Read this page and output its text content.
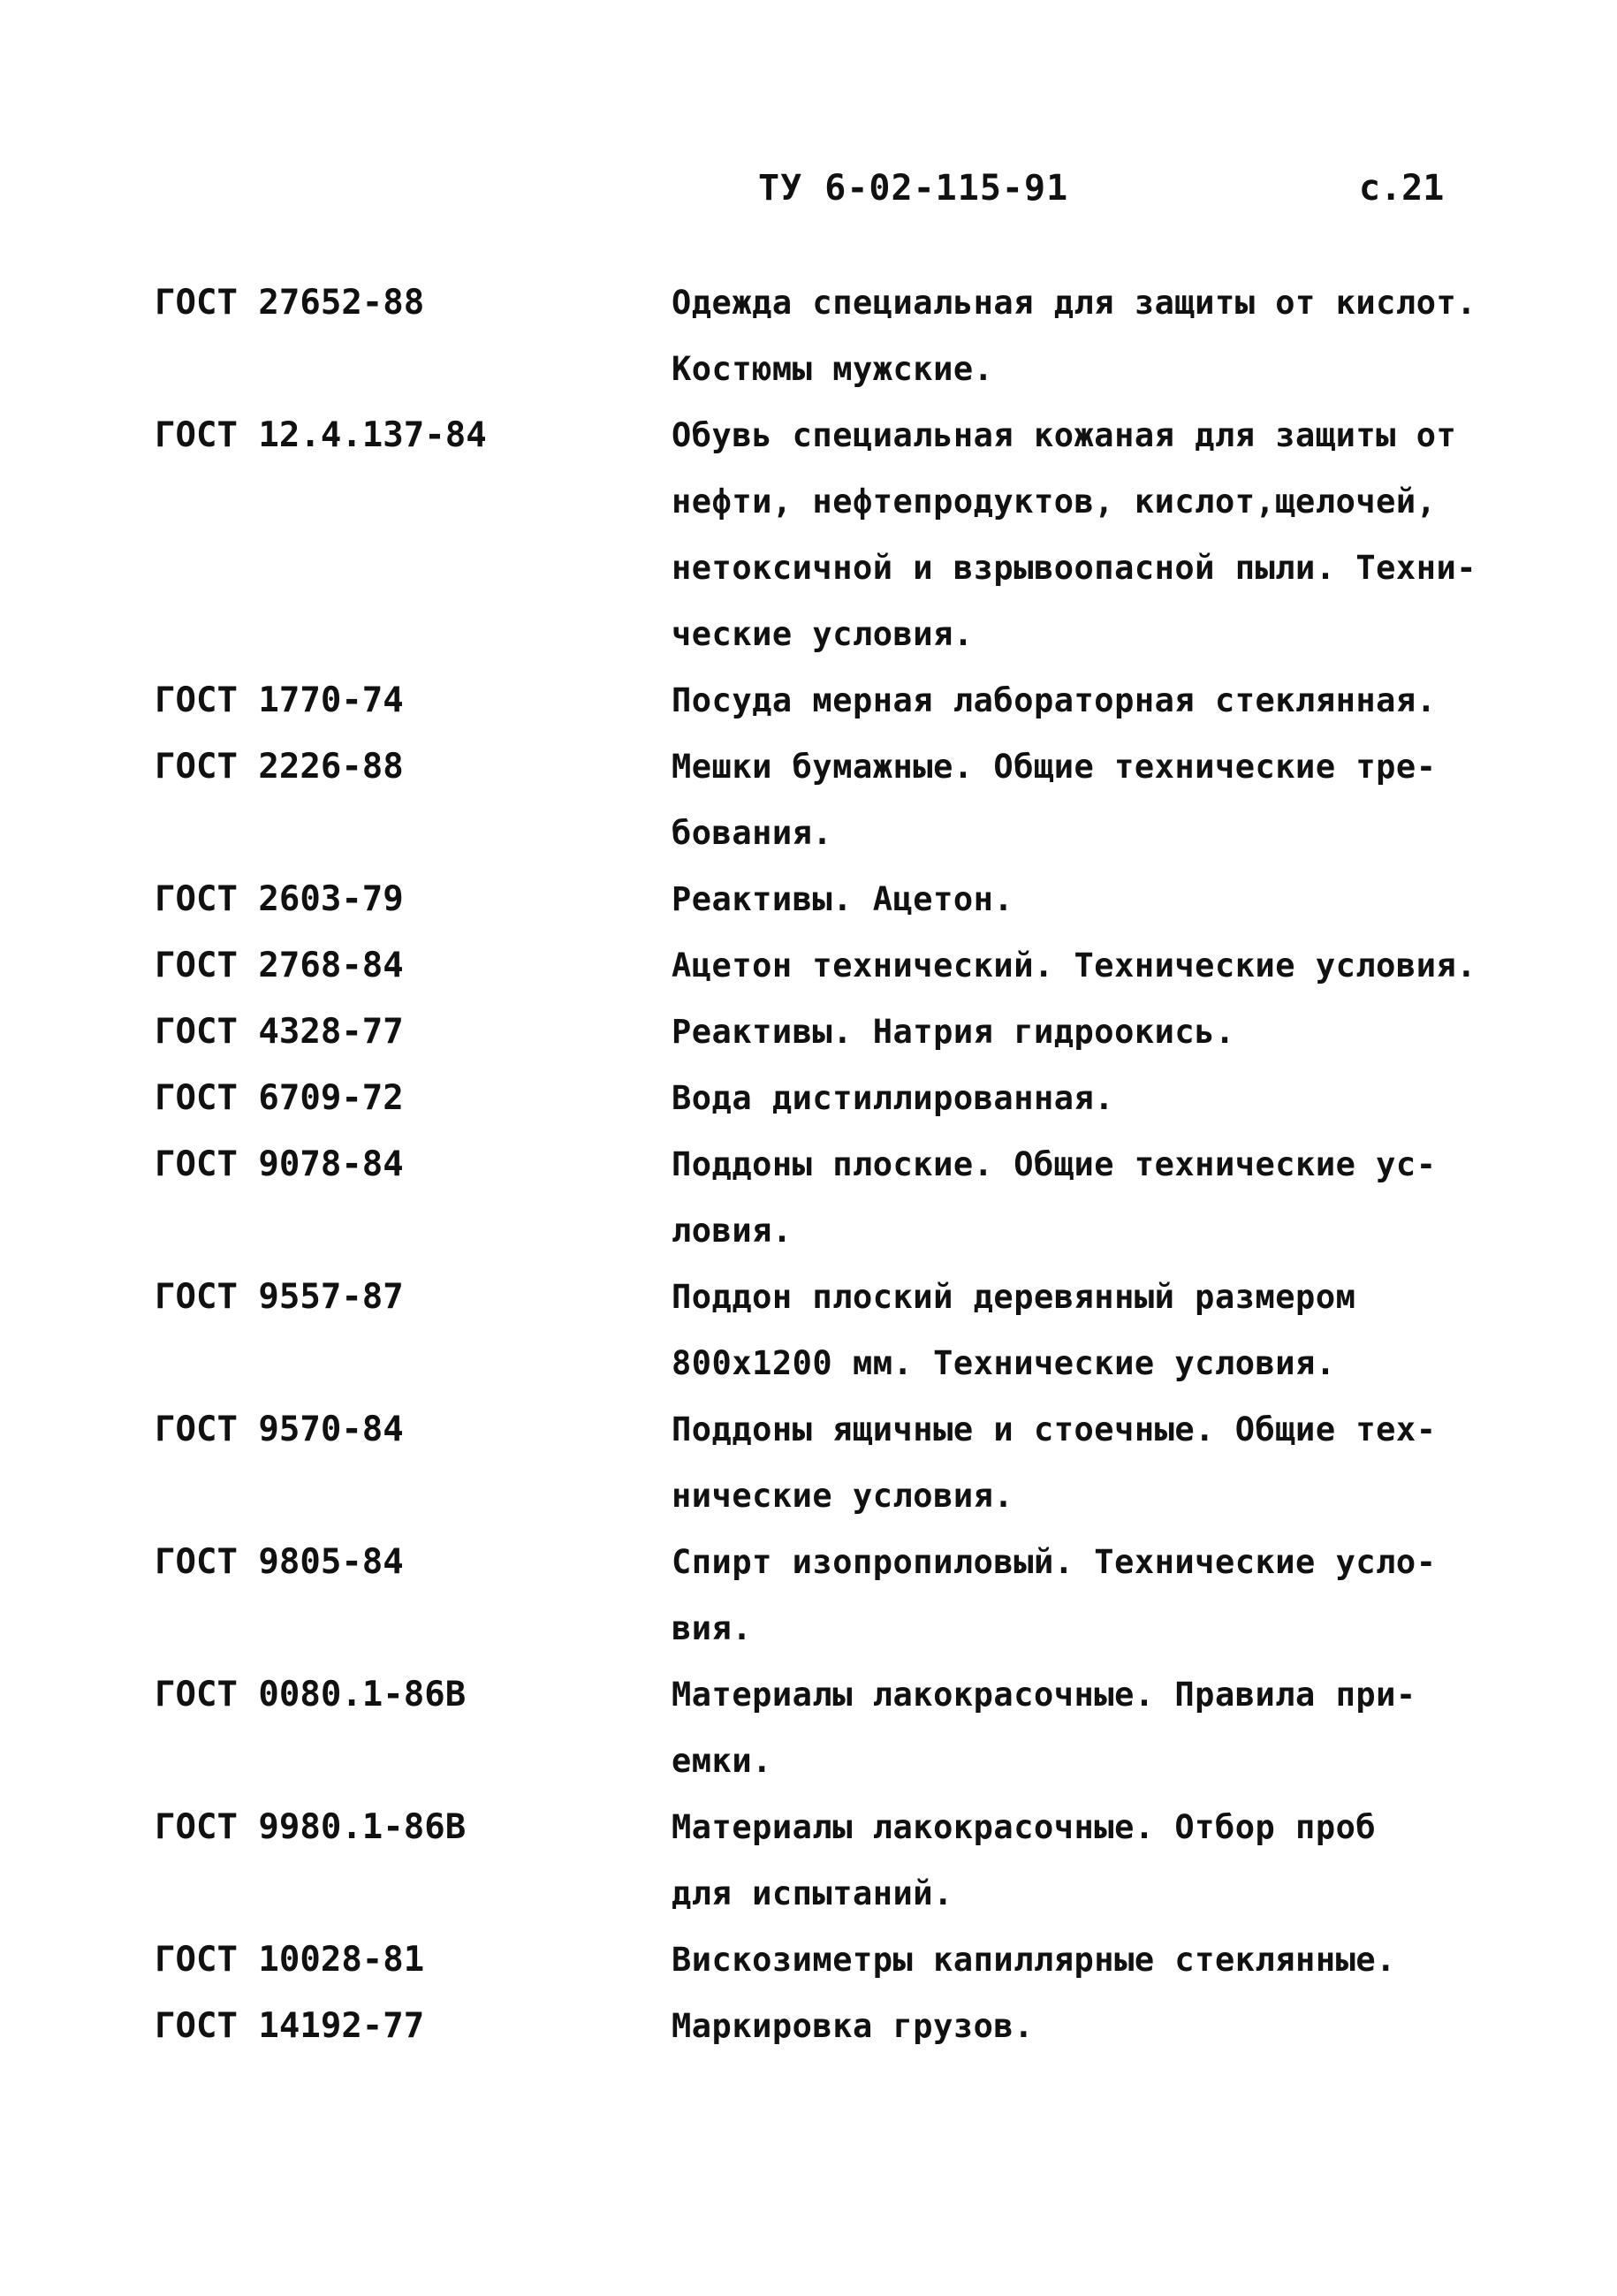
ТУ 6-02-115-91	с.21
ГОСТ 27652-88	Одежда специальная для защиты от кислот.
Костюмы мужские.
ГОСТ 12.4.137-84	Обувь специальная кожаная для защиты от
нефти, нефтепродуктов, кислот,щелочей,
нетоксичной и взрывоопасной пыли. Техни-
ческие условия.
ГОСТ 1770-74	Посуда мерная лабораторная стеклянная.
ГОСТ 2226-88	Мешки бумажные. Общие технические тре-
бования.
ГОСТ 2603-79	Реактивы. Ацетон.
ГОСТ 2768-84	Ацетон технический. Технические условия.
ГОСТ 4328-77	Реактивы. Натрия гидроокись.
ГОСТ 6709-72	Вода дистиллированная.
ГОСТ 9078-84	Поддоны плоские. Общие технические ус-
ловия.
ГОСТ 9557-87	Поддон плоский деревянный размером
800х1200 мм. Технические условия.
ГОСТ 9570-84	Поддоны ящичные и стоечные. Общие тех-
нические условия.
ГОСТ 9805-84	Спирт изопропиловый. Технические усло-
вия.
ГОСТ 0080.1-86В	Материалы лакокрасочные. Правила при-
емки.
ГОСТ 9980.1-86В	Материалы лакокрасочные. Отбор проб
для испытаний.
ГОСТ 10028-81	Вискозиметры капиллярные стеклянные.
ГОСТ 14192-77	Маркировка грузов.
